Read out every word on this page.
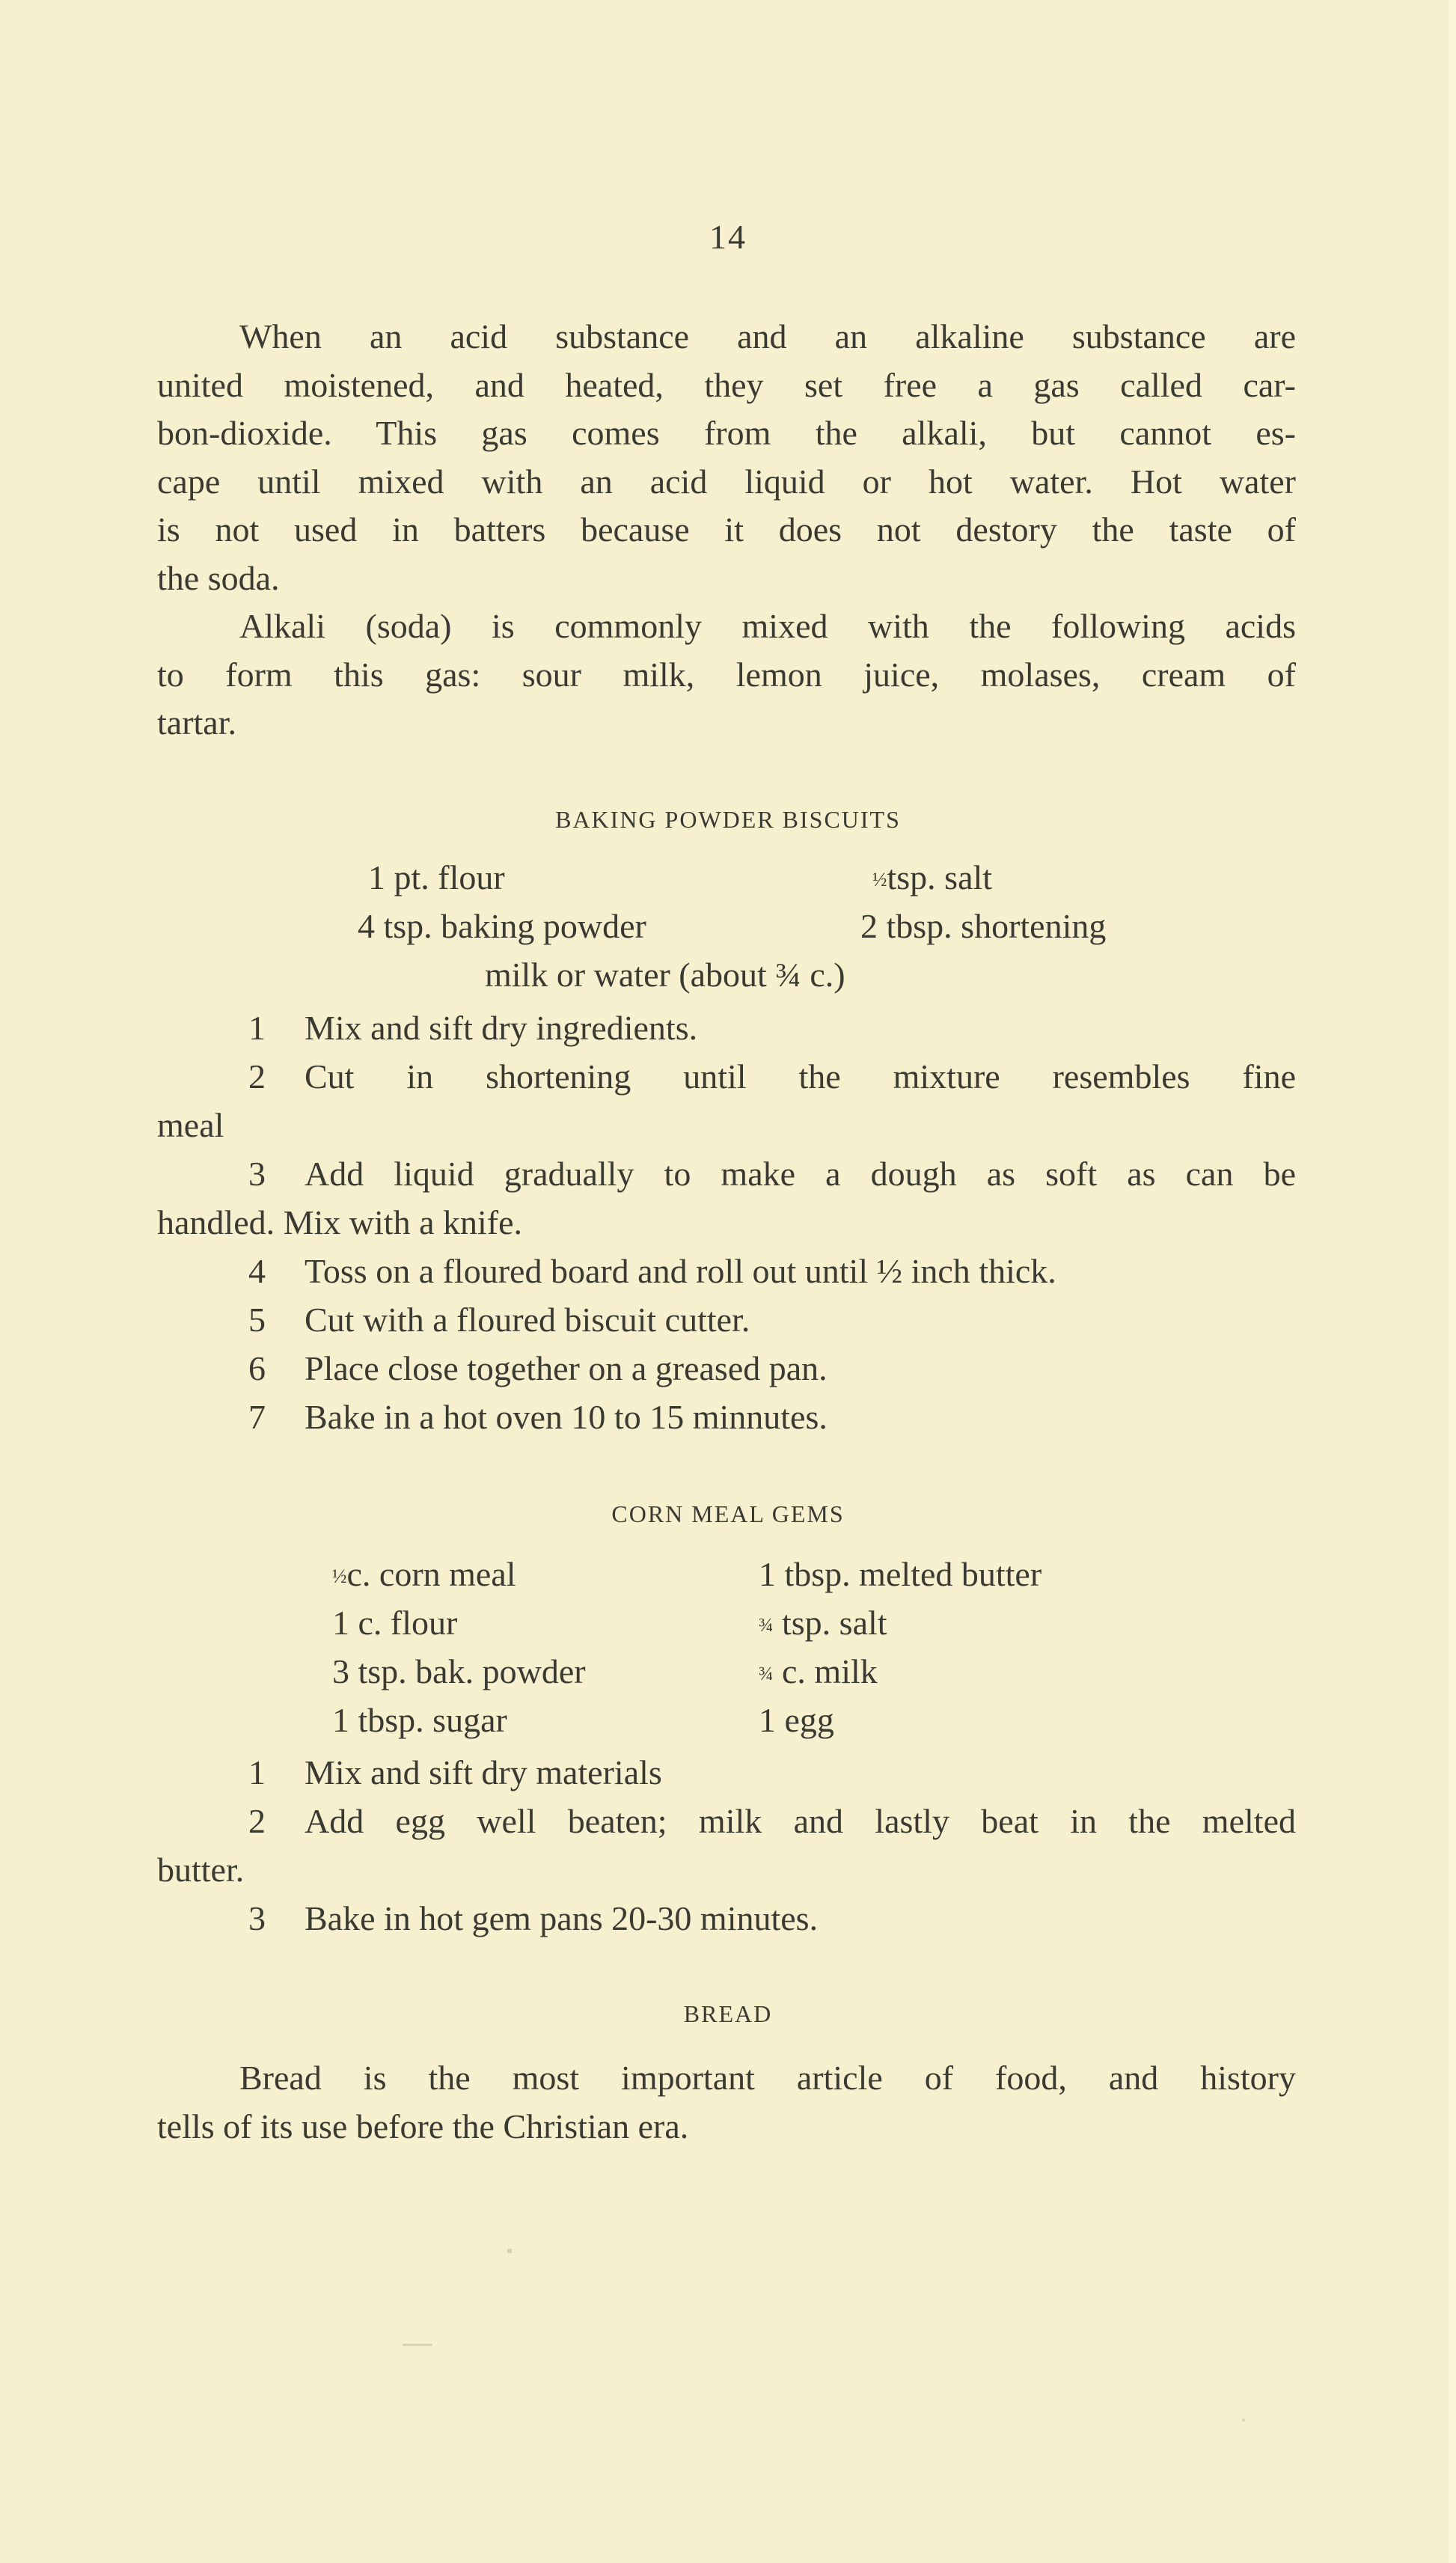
14
When an acid substance and an alkaline substance are
united moistened, and heated, they set free a gas called car-
bon-dioxide. This gas comes from the alkali, but cannot es-
cape until mixed with an acid liquid or hot water. Hot water
is not used in batters because it does not destory the taste of
the soda.
Alkali (soda) is commonly mixed with the following acids
to form this gas: sour milk, lemon juice, molases, cream of
tartar.
BAKING POWDER BISCUITS
1 pt. flour	½tsp. salt
4 tsp. baking powder	2 tbsp. shortening
milk or water (about ¾ c.)
1 Mix and sift dry ingredients.
2 Cut in shortening until the mixture resembles fine
meal
3 Add liquid gradually to make a dough as soft as can be
handled. Mix with a knife.
4 Toss on a floured board and roll out until ½ inch thick.
5 Cut with a floured biscuit cutter.
6 Place close together on a greased pan.
7 Bake in a hot oven 10 to 15 minnutes.
CORN MEAL GEMS
½c. corn meal	1 tbsp. melted butter
1 c. flour	¾ tsp. salt
3 tsp. bak. powder	¾ c. milk
1 tbsp. sugar	1 egg
1 Mix and sift dry materials
2 Add egg well beaten; milk and lastly beat in the melted
butter.
3 Bake in hot gem pans 20-30 minutes.
BREAD
Bread is the most important article of food, and history
tells of its use before the Christian era.
